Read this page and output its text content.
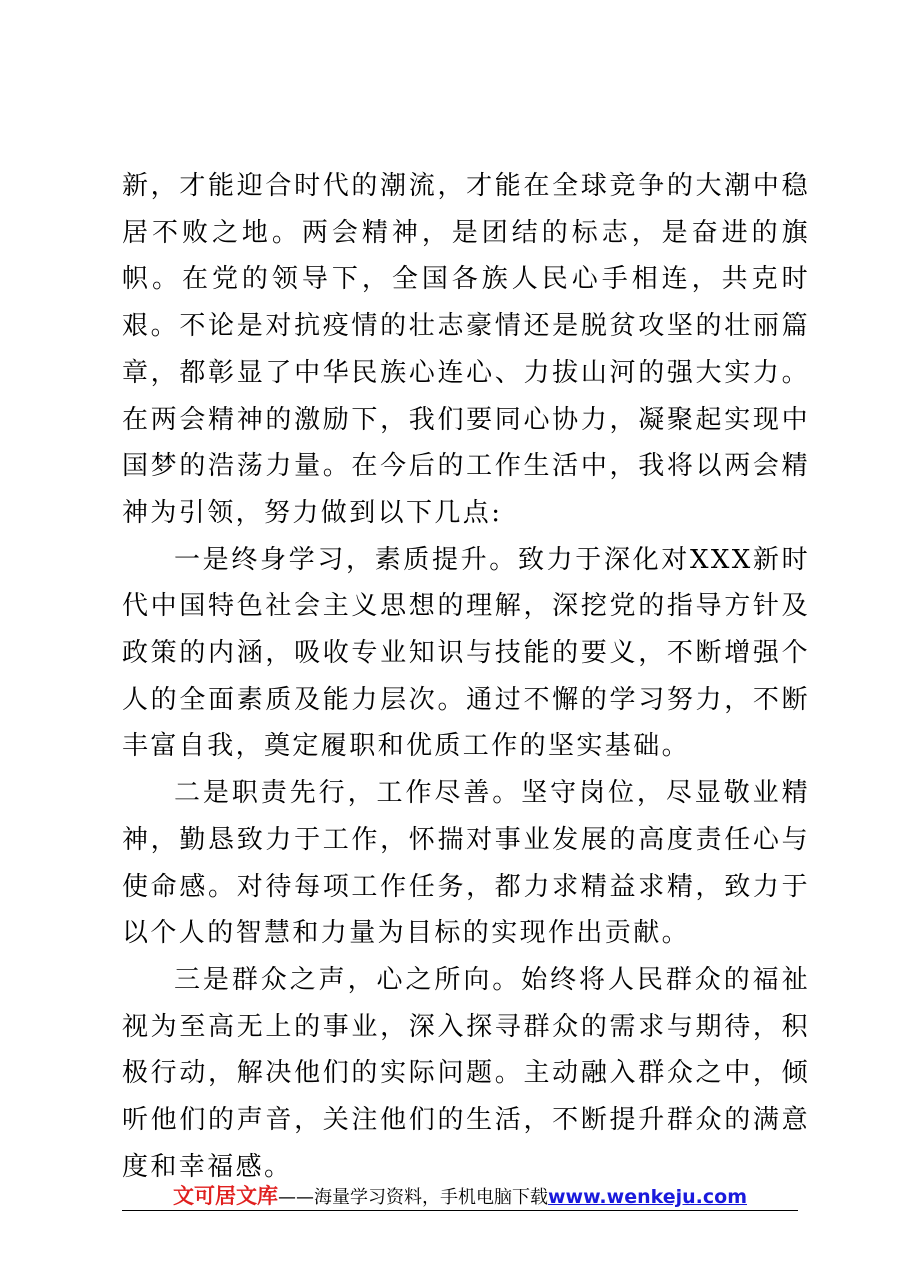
新，才能迎合时代的潮流，才能在全球竞争的大潮中稳居不败之地。两会精神，是团结的标志，是奋进的旗帜。在党的领导下，全国各族人民心手相连，共克时艰。不论是对抗疫情的壮志豪情还是脱贫攻坚的壮丽篇章，都彰显了中华民族心连心、力拔山河的强大实力。在两会精神的激励下，我们要同心协力，凝聚起实现中国梦的浩荡力量。在今后的工作生活中，我将以两会精神为引领，努力做到以下几点:

一是终身学习，素质提升。致力于深化对XXX新时代中国特色社会主义思想的理解，深挖党的指导方针及政策的内涵，吸收专业知识与技能的要义，不断增强个人的全面素质及能力层次。通过不懈的学习努力，不断丰富自我，奠定履职和优质工作的坚实基础。

二是职责先行，工作尽善。坚守岗位，尽显敬业精神，勤恳致力于工作，怀揣对事业发展的高度责任心与使命感。对待每项工作任务，都力求精益求精，致力于以个人的智慧和力量为目标的实现作出贡献。

三是群众之声，心之所向。始终将人民群众的福祉视为至高无上的事业，深入探寻群众的需求与期待，积极行动，解决他们的实际问题。主动融入群众之中，倾听他们的声音，关注他们的生活，不断提升群众的满意度和幸福感。

文可居文库——海量学习资料，手机电脑下载www.wenkeju.com
